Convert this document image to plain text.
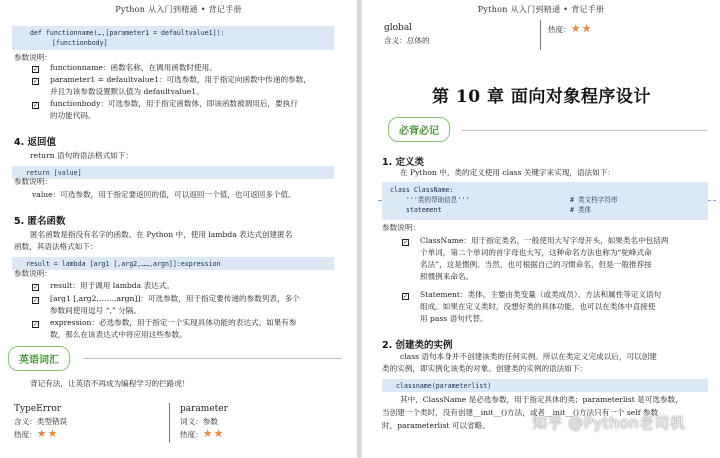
Python 从入门到精通 • 背记手册
def functionname(…,[parameter1 = defaultvalue1]):
[functionbody]
参数说明：
✓ functionname：函数名称，在调用函数时使用。
✓ parameter1 = defaultvalue1：可选参数，用于指定向函数中传递的参数，
并且为该参数设置默认值为 defaultvalue1。
✓ functionbody：可选参数，用于指定函数体，即该函数被调用后，要执行
的功能代码。
4. 返回值
return 语句的语法格式如下：
return [value]
参数说明：
value：可选参数，用于指定要返回的值，可以返回一个值，也可返回多个值。
5. 匿名函数
匿名函数是指没有名字的函数。在 Python 中，使用 lambda 表达式创建匿名
函数，其语法格式如下：
result = lambda [arg1 [,arg2,……,argn]]:expression
参数说明：
✓ result：用于调用 lambda 表达式。
✓ [arg1 [,arg2,……,argn]]：可选参数，用于指定要传递的参数列表，多个
参数间使用逗号 “,” 分隔。
✓ expression：必选参数，用于指定一个实现具体功能的表达式。如果有参
数，那么在该表达式中将应用这些参数。
英语词汇
背记有法，让英语不再成为编程学习的拦路虎！
TypeError
含义：类型错误
热度：★★
parameter
词义：参数
热度：★★
Python 从入门到精通 • 背记手册
global
含义：总体的
热度：★★
第 10 章 面向对象程序设计
必背必记
1. 定义类
在 Python 中，类的定义使用 class 关键字来实现，语法如下：
class ClassName:
'''类的帮助信息'''	# 类文档字符串
statement	# 类体
参数说明：
✓ ClassName：用于指定类名，一般使用大写字母开头，如果类名中包括两
个单词，第二个单词的首字母也大写，这种命名方法也称为“驼峰式命
名法”，这是惯例。当然，也可根据自己的习惯命名，但是一般推荐按
照惯例来命名。
✓ Statement：类体，主要由类变量（或类成员）、方法和属性等定义语句
组成。如果在定义类时，没想好类的具体功能，也可以在类体中直接使
用 pass 语句代替。
2. 创建类的实例
class 语句本身并不创建该类的任何实例。所以在类定义完成以后，可以创建
类的实例，即实例化该类的对象。创建类的实例的语法如下：
classname(parameterlist)
其中，ClassName 是必选参数，用于指定具体的类；parameterlist 是可选参数，
当创建一个类时，没有创建__init__()方法，或者__init__()方法只有一个 self 参数
时，parameterlist 可以省略。	知乎 @Python老司机
